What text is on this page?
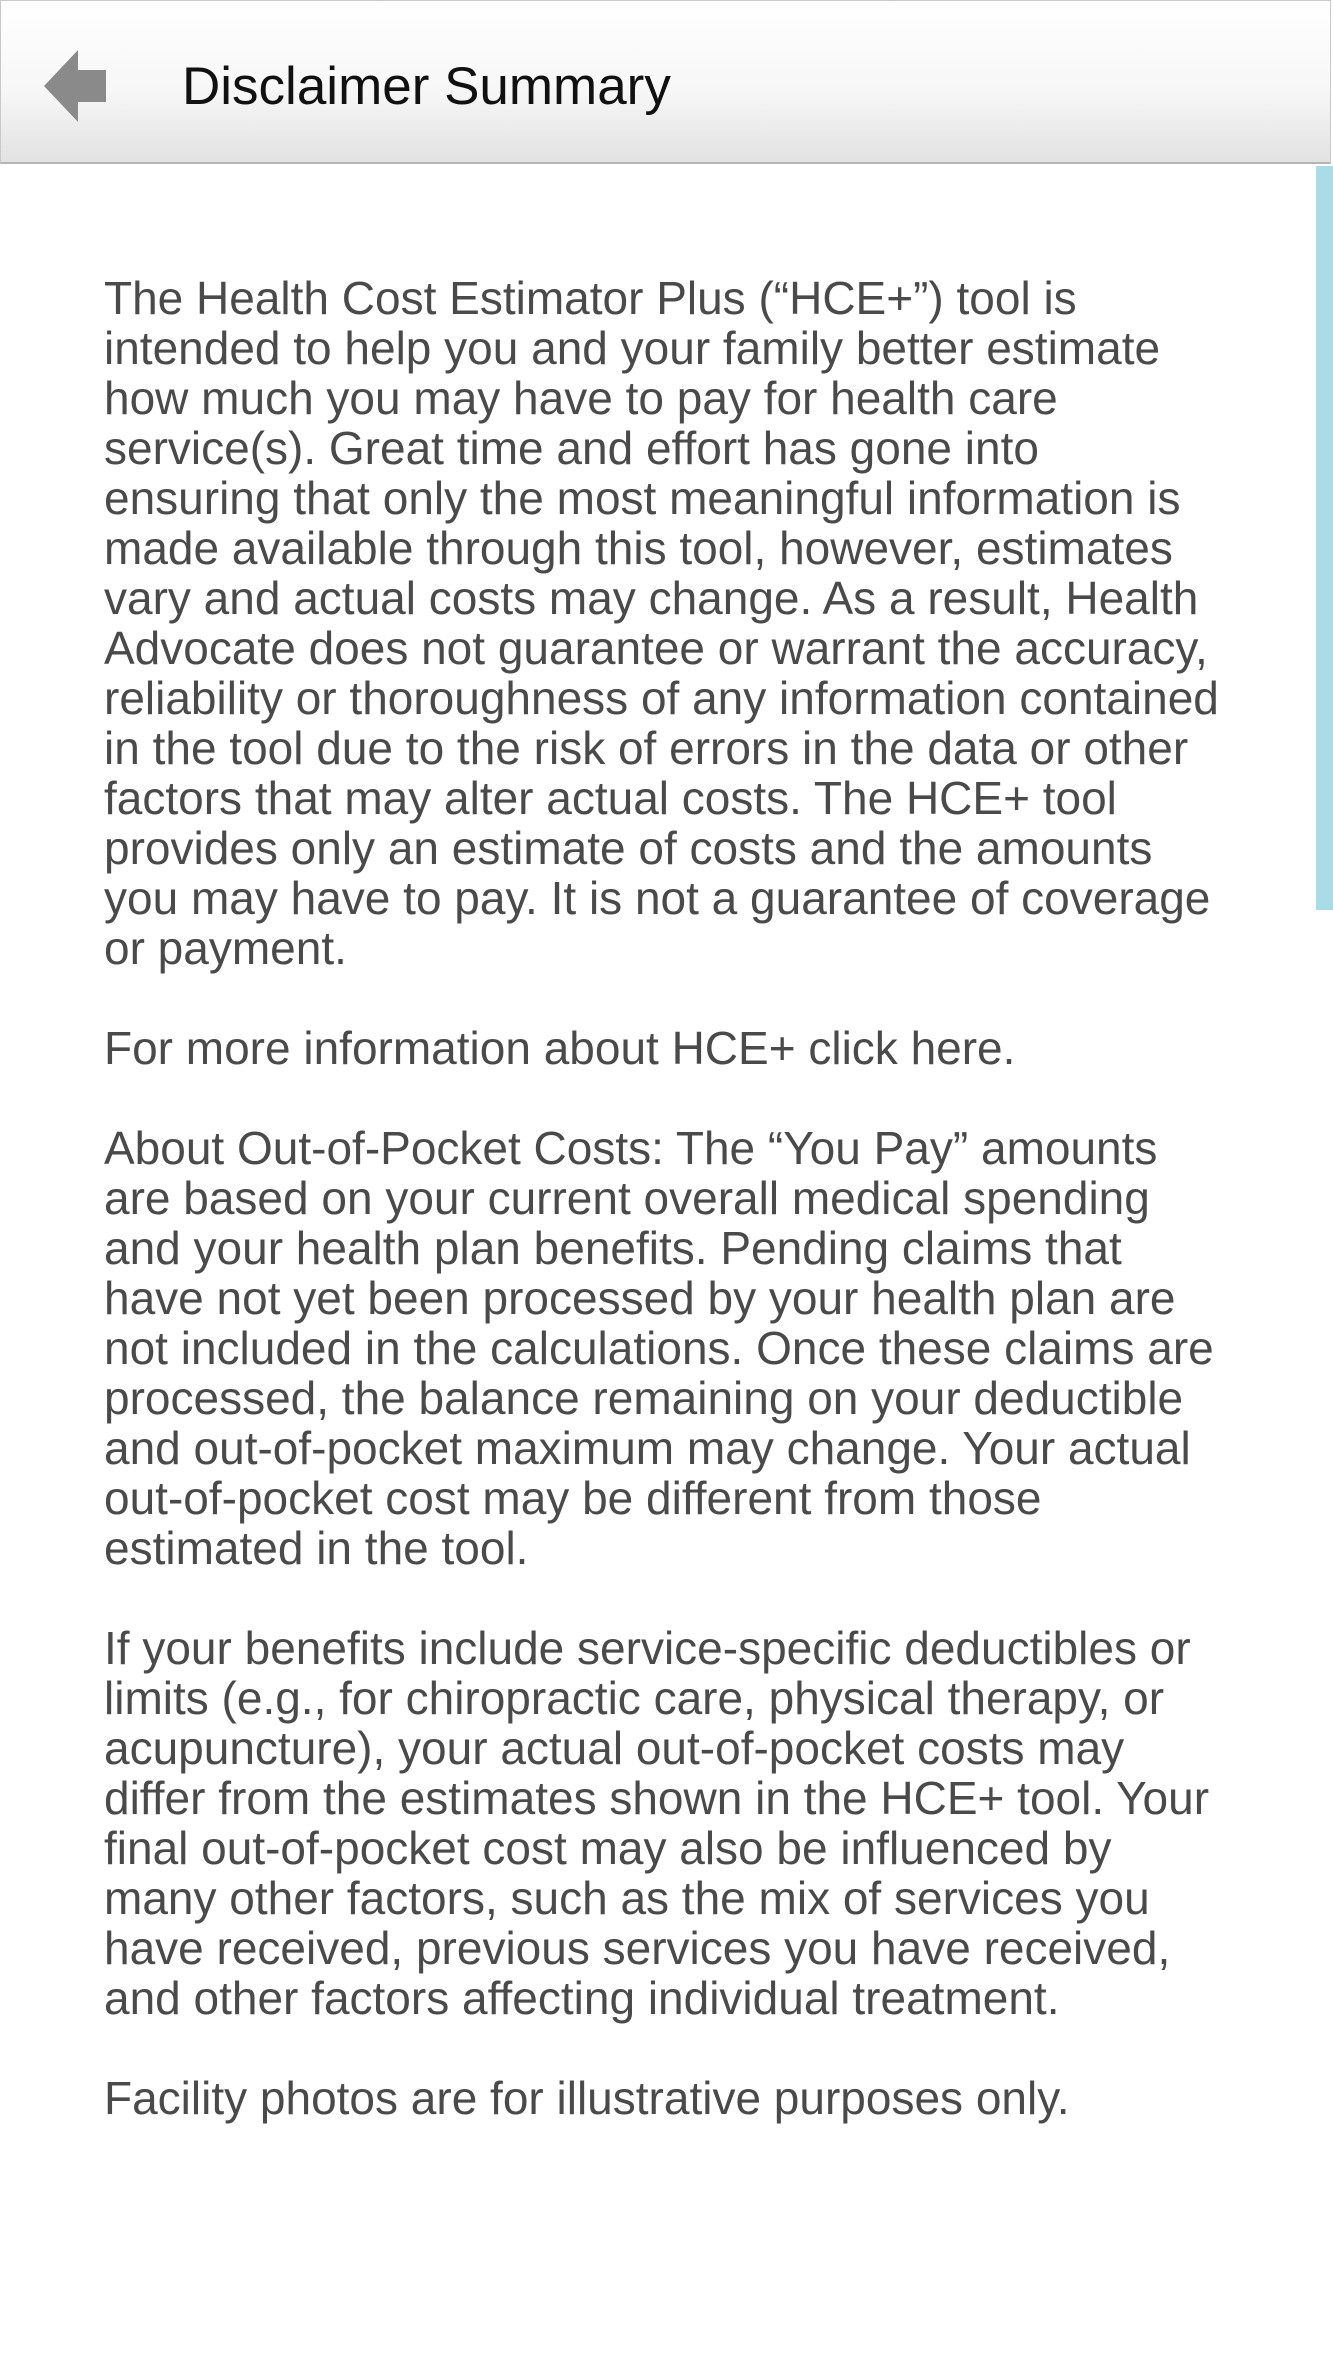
Disclaimer Summary

The Health Cost Estimator Plus (“HCE+”) tool is intended to help you and your family better estimate how much you may have to pay for health care service(s). Great time and effort has gone into ensuring that only the most meaningful information is made available through this tool, however, estimates vary and actual costs may change. As a result, Health Advocate does not guarantee or warrant the accuracy, reliability or thoroughness of any information contained in the tool due to the risk of errors in the data or other factors that may alter actual costs. The HCE+ tool provides only an estimate of costs and the amounts you may have to pay. It is not a guarantee of coverage or payment.

For more information about HCE+ click here.

About Out-of-Pocket Costs: The “You Pay” amounts are based on your current overall medical spending and your health plan benefits. Pending claims that have not yet been processed by your health plan are not included in the calculations. Once these claims are processed, the balance remaining on your deductible and out-of-pocket maximum may change. Your actual out-of-pocket cost may be different from those estimated in the tool.

If your benefits include service-specific deductibles or limits (e.g., for chiropractic care, physical therapy, or acupuncture), your actual out-of-pocket costs may differ from the estimates shown in the HCE+ tool. Your final out-of-pocket cost may also be influenced by many other factors, such as the mix of services you have received, previous services you have received, and other factors affecting individual treatment.

Facility photos are for illustrative purposes only.
